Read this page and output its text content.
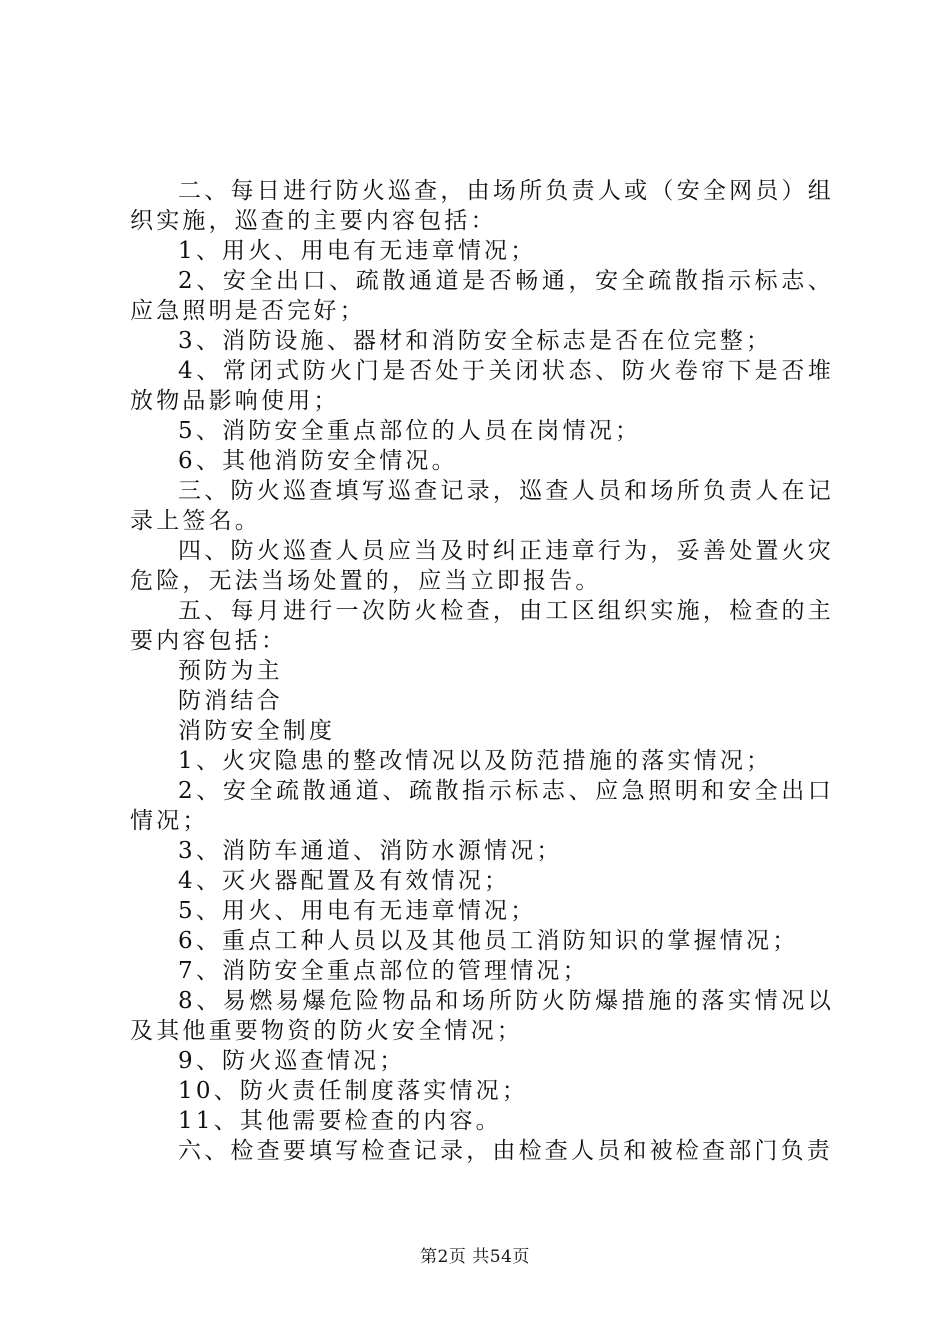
二、每日进行防火巡查，由场所负责人或（安全网员）组织实施，巡查的主要内容包括：

1、用火、用电有无违章情况；

2、安全出口、疏散通道是否畅通，安全疏散指示标志、应急照明是否完好；

3、消防设施、器材和消防安全标志是否在位完整；

4、常闭式防火门是否处于关闭状态、防火卷帘下是否堆放物品影响使用；

5、消防安全重点部位的人员在岗情况；

6、其他消防安全情况。

三、防火巡查填写巡查记录，巡查人员和场所负责人在记录上签名。

四、防火巡查人员应当及时纠正违章行为，妥善处置火灾危险，无法当场处置的，应当立即报告。

五、每月进行一次防火检查，由工区组织实施，检查的主要内容包括：

预防为主

防消结合

消防安全制度

1、火灾隐患的整改情况以及防范措施的落实情况；

2、安全疏散通道、疏散指示标志、应急照明和安全出口情况；

3、消防车通道、消防水源情况；

4、灭火器配置及有效情况；

5、用火、用电有无违章情况；

6、重点工种人员以及其他员工消防知识的掌握情况；

7、消防安全重点部位的管理情况；

8、易燃易爆危险物品和场所防火防爆措施的落实情况以及其他重要物资的防火安全情况；

9、防火巡查情况；

10、防火责任制度落实情况；

11、其他需要检查的内容。

六、检查要填写检查记录，由检查人员和被检查部门负责

第2页 共54页
